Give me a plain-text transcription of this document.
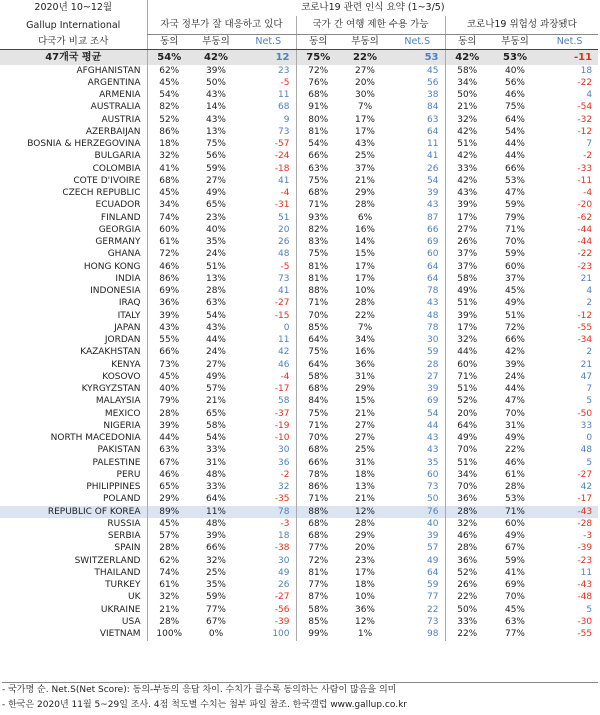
2020년 10~12월	코로나19 관련 인식 요약 (1~3/5)								
Gallup International	자국 정부가 잘 대응하고 있다			국가 간 여행 제한 수용 가능			코로나19 위험성 과장됐다		
다국가 비교 조사	동의	부동의	Net.S	동의	부동의	Net.S	동의	부동의	Net.S
47개국 평균	54%	42%	12	75%	22%	53	42%	53%	-11
AFGHANISTAN	62%	39%	23	72%	27%	45	58%	40%	18
ARGENTINA	45%	50%	-5	76%	20%	56	34%	56%	-22
ARMENIA	54%	43%	11	68%	30%	38	50%	46%	4
AUSTRALIA	82%	14%	68	91%	7%	84	21%	75%	-54
AUSTRIA	52%	43%	9	80%	17%	63	32%	64%	-32
AZERBAIJAN	86%	13%	73	81%	17%	64	42%	54%	-12
BOSNIA & HERZEGOVINA	18%	75%	-57	54%	43%	11	51%	44%	7
BULGARIA	32%	56%	-24	66%	25%	41	42%	44%	-2
COLOMBIA	41%	59%	-18	63%	37%	26	33%	66%	-33
COTE D'IVOIRE	68%	27%	41	75%	21%	54	42%	53%	-11
CZECH REPUBLIC	45%	49%	-4	68%	29%	39	43%	47%	-4
ECUADOR	34%	65%	-31	71%	28%	43	39%	59%	-20
FINLAND	74%	23%	51	93%	6%	87	17%	79%	-62
GEORGIA	60%	40%	20	82%	16%	66	27%	71%	-44
GERMANY	61%	35%	26	83%	14%	69	26%	70%	-44
GHANA	72%	24%	48	75%	15%	60	37%	59%	-22
HONG KONG	46%	51%	-5	81%	17%	64	37%	60%	-23
INDIA	86%	13%	73	81%	17%	64	58%	37%	21
INDONESIA	69%	28%	41	88%	10%	78	49%	45%	4
IRAQ	36%	63%	-27	71%	28%	43	51%	49%	2
ITALY	39%	54%	-15	70%	22%	48	39%	51%	-12
JAPAN	43%	43%	0	85%	7%	78	17%	72%	-55
JORDAN	55%	44%	11	64%	34%	30	32%	66%	-34
KAZAKHSTAN	66%	24%	42	75%	16%	59	44%	42%	2
KENYA	73%	27%	46	64%	36%	28	60%	39%	21
KOSOVO	45%	49%	-4	58%	31%	27	71%	24%	47
KYRGYZSTAN	40%	57%	-17	68%	29%	39	51%	44%	7
MALAYSIA	79%	21%	58	84%	15%	69	52%	47%	5
MEXICO	28%	65%	-37	75%	21%	54	20%	70%	-50
NIGERIA	39%	58%	-19	71%	27%	44	64%	31%	33
NORTH MACEDONIA	44%	54%	-10	70%	27%	43	49%	49%	0
PAKISTAN	63%	33%	30	68%	25%	43	70%	22%	48
PALESTINE	67%	31%	36	66%	31%	35	51%	46%	5
PERU	46%	48%	-2	78%	18%	60	34%	61%	-27
PHILIPPINES	65%	33%	32	86%	13%	73	70%	28%	42
POLAND	29%	64%	-35	71%	21%	50	36%	53%	-17
REPUBLIC OF KOREA	89%	11%	78	88%	12%	76	28%	71%	-43
RUSSIA	45%	48%	-3	68%	28%	40	32%	60%	-28
SERBIA	57%	39%	18	68%	29%	39	46%	49%	-3
SPAIN	28%	66%	-38	77%	20%	57	28%	67%	-39
SWITZERLAND	62%	32%	30	72%	23%	49	36%	59%	-23
THAILAND	74%	25%	49	81%	17%	64	52%	41%	11
TURKEY	61%	35%	26	77%	18%	59	26%	69%	-43
UK	32%	59%	-27	87%	10%	77	22%	70%	-48
UKRAINE	21%	77%	-56	58%	36%	22	50%	45%	5
USA	28%	67%	-39	85%	12%	73	33%	63%	-30
VIETNAM	100%	0%	100	99%	1%	98	22%	77%	-55
- 국가명 순. Net.S(Net Score): 동의-부동의 응답 차이. 수치가 클수록 동의하는 사람이 많음을 의미
- 한국은 2020년 11월 5~29일 조사. 4점 척도별 수치는 첨부 파일 참조. 한국갤럽 www.gallup.co.kr
